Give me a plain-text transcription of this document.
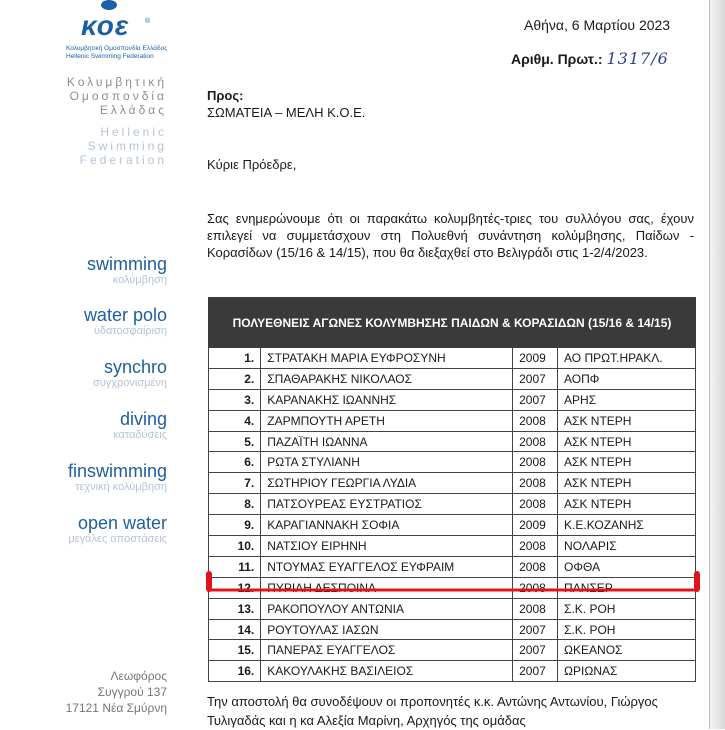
κοε ®
Κολυμβητική Ομοσπονδία Ελλάδος
Hellenic Swimming Federation
Κολυμβητική
Ομοσπονδία
Ελλάδας
Hellenic
Swimming
Federation
swimming
κολύμβηση
water polo
υδατοσφαίριση
synchro
συγχρονισμένη
diving
καταδύσεις
finswimming
τεχνική κολύμβηση
open water
μεγάλες αποστάσεις
Λεωφόρος
Συγγρού 137
17121 Νέα Σμύρνη
Αθήνα, 6 Μαρτίου 2023
Αριθμ. Πρωτ.: 1317/6
Προς:
ΣΩΜΑΤΕΙΑ – ΜΕΛΗ Κ.Ο.Ε.
Κύριε Πρόεδρε,
Σας ενημερώνουμε ότι οι παρακάτω κολυμβητές-τριες του συλλόγου σας, έχουν επιλεγεί να συμμετάσχουν στη Πολυεθνή συνάντηση κολύμβησης, Παίδων - Κορασίδων (15/16 & 14/15), που θα διεξαχθεί στο Βελιγράδι στις 1-2/4/2023.
ΠΟΛΥΕΘΝΕΙΣ ΑΓΩΝΕΣ ΚΟΛΥΜΒΗΣΗΣ ΠΑΙΔΩΝ & ΚΟΡΑΣΙΔΩΝ (15/16 & 14/15)			
1.	ΣΤΡΑΤΑΚΗ ΜΑΡΙΑ ΕΥΦΡΟΣΥΝΗ	2009	ΑΟ ΠΡΩΤ.ΗΡΑΚΛ.
2.	ΣΠΑΘΑΡΑΚΗΣ ΝΙΚΟΛΑΟΣ	2007	ΑΟΠΦ
3.	ΚΑΡΑΝΑΚΗΣ ΙΩΑΝΝΗΣ	2007	ΑΡΗΣ
4.	ΖΑΡΜΠΟΥΤΗ ΑΡΕΤΗ	2008	ΑΣΚ ΝΤΕΡΗ
5.	ΠΑΖΑΪΤΗ ΙΩΑΝΝΑ	2008	ΑΣΚ ΝΤΕΡΗ
6.	ΡΩΤΑ ΣΤΥΛΙΑΝΗ	2008	ΑΣΚ ΝΤΕΡΗ
7.	ΣΩΤΗΡΙΟΥ ΓΕΩΡΓΙΑ ΛΥΔΙΑ	2008	ΑΣΚ ΝΤΕΡΗ
8.	ΠΑΤΣΟΥΡΕΑΣ ΕΥΣΤΡΑΤΙΟΣ	2008	ΑΣΚ ΝΤΕΡΗ
9.	ΚΑΡΑΓΙΑΝΝΑΚΗ ΣΟΦΙΑ	2009	Κ.Ε.ΚΟΖΑΝΗΣ
10.	ΝΑΤΣΙΟΥ ΕΙΡΗΝΗ	2008	ΝΟΛΑΡΙΣ
11.	ΝΤΟΥΜΑΣ ΕΥΑΓΓΕΛΟΣ ΕΥΦΡΑΙΜ	2008	ΟΦΘΑ
12.	ΠΥΡΙΛΗ ΔΕΣΠΟΙΝΑ	2008	ΠΑΝΣΕΡ
13.	ΡΑΚΟΠΟΥΛΟΥ ΑΝΤΩΝΙΑ	2008	Σ.Κ. ΡΟΗ
14.	ΡΟΥΤΟΥΛΑΣ ΙΑΣΩΝ	2007	Σ.Κ. ΡΟΗ
15.	ΠΑΝΕΡΑΣ ΕΥΑΓΓΕΛΟΣ	2007	ΩΚΕΑΝΟΣ
16.	ΚΑΚΟΥΛΑΚΗΣ ΒΑΣΙΛΕΙΟΣ	2007	ΩΡΙΩΝΑΣ
Την αποστολή θα συνοδέψουν οι προπονητές κ.κ. Αντώνης Αντωνίου, Γιώργος Τυλιγαδάς και η κα Αλεξία Μαρίνη, Αρχηγός της ομάδας
